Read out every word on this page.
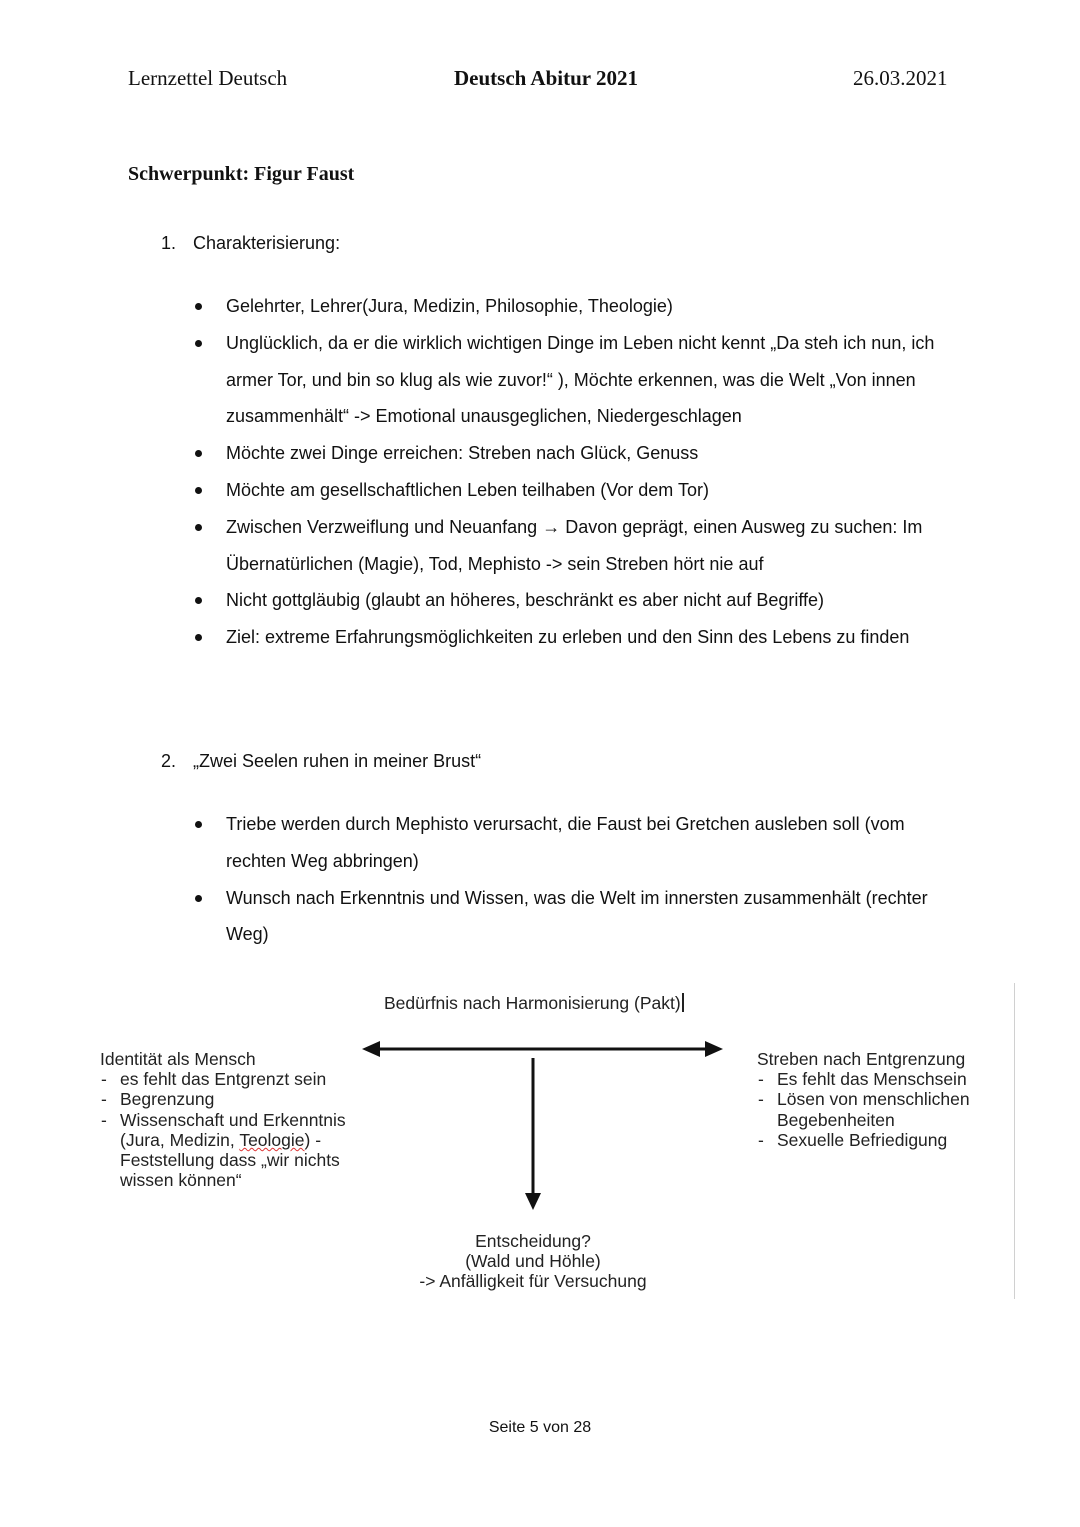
Lernzettel Deutsch	Deutsch Abitur 2021	26.03.2021
Schwerpunkt: Figur Faust
1. Charakterisierung:
Gelehrter, Lehrer(Jura, Medizin, Philosophie, Theologie)
Unglücklich, da er die wirklich wichtigen Dinge im Leben nicht kennt „Da steh ich nun, ich armer Tor, und bin so klug als wie zuvor!“ ), Möchte erkennen, was die Welt „Von innen zusammenhält“ -> Emotional unausgeglichen, Niedergeschlagen
Möchte zwei Dinge erreichen: Streben nach Glück, Genuss
Möchte am gesellschaftlichen Leben teilhaben (Vor dem Tor)
Zwischen Verzweiflung und Neuanfang → Davon geprägt, einen Ausweg zu suchen: Im Übernatürlichen (Magie), Tod, Mephisto -> sein Streben hört nie auf
Nicht gottgläubig (glaubt an höheres, beschränkt es aber nicht auf Begriffe)
Ziel: extreme Erfahrungsmöglichkeiten zu erleben und den Sinn des Lebens zu finden
2. „Zwei Seelen ruhen in meiner Brust“
Triebe werden durch Mephisto verursacht, die Faust bei Gretchen ausleben soll (vom rechten Weg abbringen)
Wunsch nach Erkenntnis und Wissen, was die Welt im innersten zusammenhält (rechter Weg)
Bedürfnis nach Harmonisierung (Pakt)
Identität als Mensch
- es fehlt das Entgrenzt sein
- Begrenzung
- Wissenschaft und Erkenntnis (Jura, Medizin, Teologie) - Feststellung dass „wir nichts wissen können“
Streben nach Entgrenzung
- Es fehlt das Menschsein
- Lösen von menschlichen Begebenheiten
- Sexuelle Befriedigung
Entscheidung?
(Wald und Höhle)
-> Anfälligkeit für Versuchung
Seite 5 von 28
